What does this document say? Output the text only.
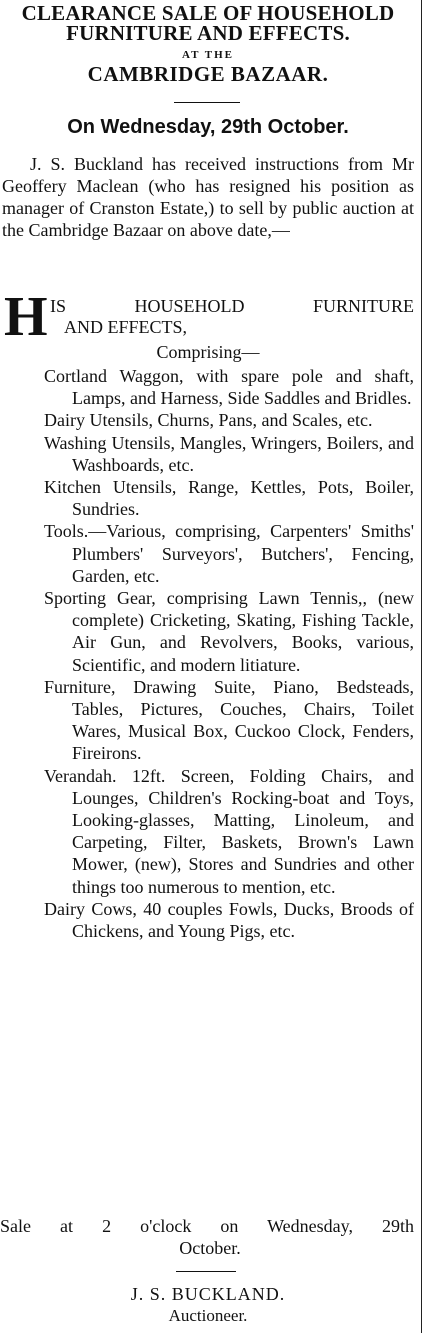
CLEARANCE SALE OF HOUSEHOLD
FURNITURE AND EFFECTS.
AT THE
CAMBRIDGE BAZAAR.
On Wednesday, 29th October.
J. S. Buckland has received instructions from Mr Geoffery Maclean (who has resigned his position as manager of Cranston Estate,) to sell by public auction at the Cambridge Bazaar on above date,—
H IS HOUSEHOLD FURNITURE
AND EFFECTS,
Comprising—

Cortland Waggon, with spare pole and shaft, Lamps, and Harness, Side Saddles and Bridles.

Dairy Utensils, Churns, Pans, and Scales, etc.

Washing Utensils, Mangles, Wringers, Boilers, and Washboards, etc.

Kitchen Utensils, Range, Kettles, Pots, Boiler, Sundries.

Tools.—Various, comprising, Carpenters' Smiths' Plumbers' Surveyors', Butchers', Fencing, Garden, etc.

Sporting Gear, comprising Lawn Tennis,, (new complete) Cricketing, Skating, Fishing Tackle, Air Gun, and Revolvers, Books, various, Scientific, and modern litiature.

Furniture, Drawing Suite, Piano, Bedsteads, Tables, Pictures, Couches, Chairs, Toilet Wares, Musical Box, Cuckoo Clock, Fenders, Fireirons.

Verandah. 12ft. Screen, Folding Chairs, and Lounges, Children's Rocking-boat and Toys, Looking-glasses, Matting, Linoleum, and Carpeting, Filter, Baskets, Brown's Lawn Mower, (new), Stores and Sundries and other things too numerous to mention, etc.

Dairy Cows, 40 couples Fowls, Ducks, Broods of Chickens, and Young Pigs, etc.

Sale at 2 o'clock on Wednesday, 29th
October.
J. S. BUCKLAND.
Auctioneer.
